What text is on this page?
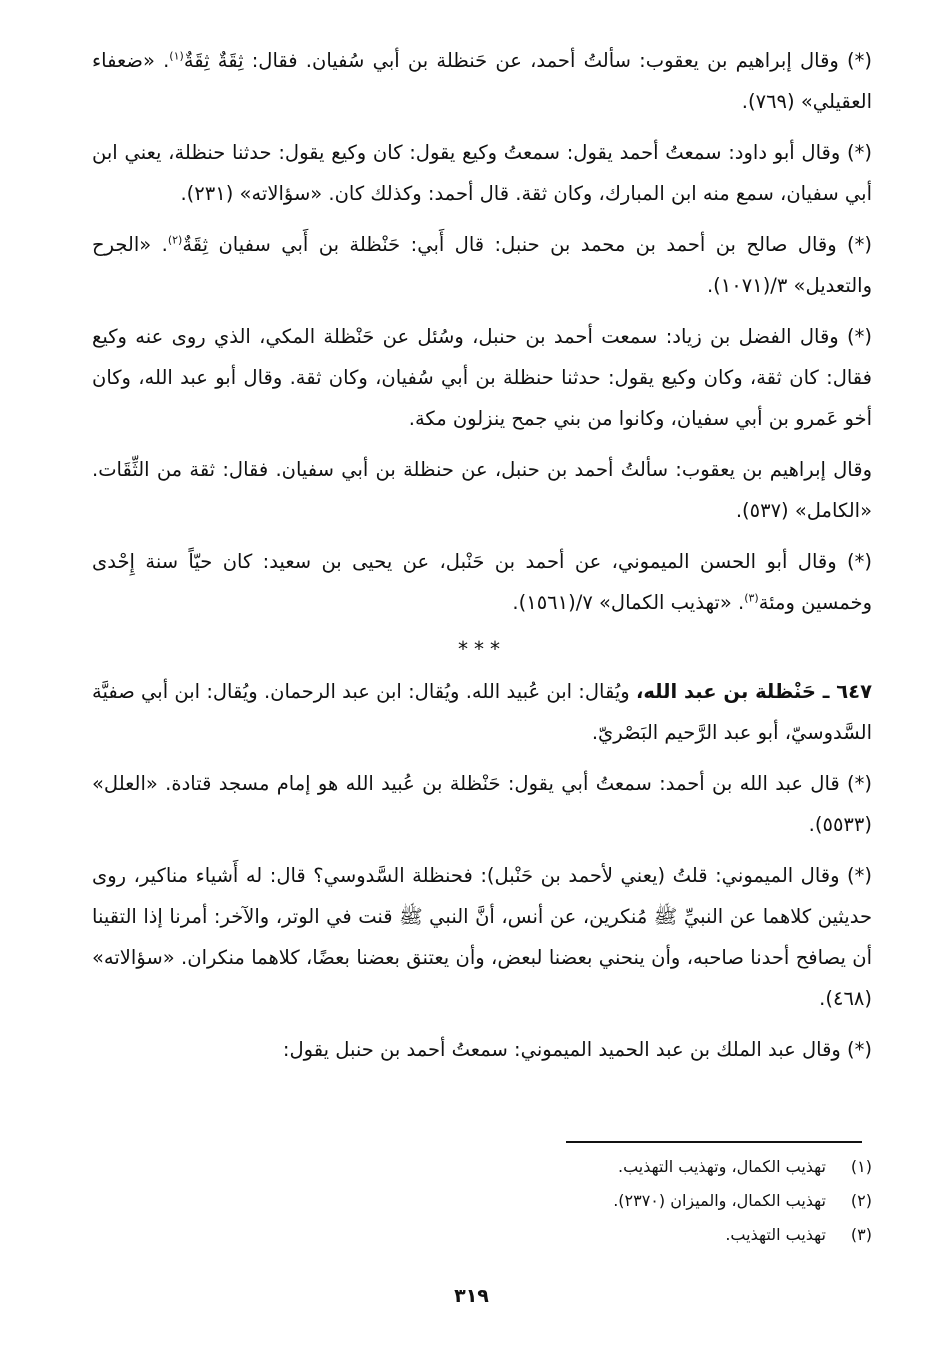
(*) وقال إبراهيم بن يعقوب: سألتُ أحمد، عن حَنظلة بن أبي سُفيان. فقال: ثِقَةٌ ثِقَةٌ$^{(١)}$. «ضعفاء العقيلي» (٧٦٩).

(*) وقال أبو داود: سمعتُ أحمد يقول: سمعتُ وكيع يقول: كان وكيع يقول: حدثنا حنظلة، يعني ابن أبي سفيان، سمع منه ابن المبارك، وكان ثقة. قال أحمد: وكذلك كان. «سؤالاته» (٢٣١).

(*) وقال صالح بن أحمد بن محمد بن حنبل: قال أَبي: حَنْظلة بن أَبي سفيان ثِقَةٌ$^{(٢)}$. «الجرح والتعديل» ٣/(١٠٧١).

(*) وقال الفضل بن زياد: سمعت أحمد بن حنبل، وسُئل عن حَنْظلة المكي، الذي روى عنه وكيع فقال: كان ثقة، وكان وكيع يقول: حدثنا حنظلة بن أبي سُفيان، وكان ثقة. وقال أبو عبد الله، وكان أخو عَمرو بن أبي سفيان، وكانوا من بني جمح ينزلون مكة.

وقال إبراهيم بن يعقوب: سألتُ أحمد بن حنبل، عن حنظلة بن أبي سفيان. فقال: ثقة من الثِّقَات. «الكامل» (٥٣٧).

(*) وقال أبو الحسن الميموني، عن أحمد بن حَنْبل، عن يحيى بن سعيد: كان حيّاً سنة إِحْدى وخمسين ومئة$^{(٣)}$. «تهذيب الكمال» ٧/(١٥٦١).

***

٦٤٧ ـ حَنْظلة بن عبد الله، ويُقال: ابن عُبيد الله. ويُقال: ابن عبد الرحمان. ويُقال: ابن أبي صفيَّة السَّدوسيّ، أبو عبد الرَّحيم البَصْريّ.

(*) قال عبد الله بن أحمد: سمعتُ أبي يقول: حَنْظلة بن عُبيد الله هو إمام مسجد قتادة. «العلل» (٥٥٣٣).

(*) وقال الميموني: قلتُ (يعني لأحمد بن حَنْبل): فحنظلة السَّدوسي؟ قال: له أَشياء مناكير، روى حديثين كلاهما عن النبيِّ ﷺ مُنكرين، عن أنس، أنَّ النبي ﷺ قنت في الوتر، والآخر: أمرنا إذا التقينا أن يصافح أحدنا صاحبه، وأن ينحني بعضنا لبعض، وأن يعتنق بعضنا بعضًا، كلاهما منكران. «سؤالاته» (٤٦٨).

(*) وقال عبد الملك بن عبد الحميد الميموني: سمعتُ أحمد بن حنبل يقول:

(١)تهذيب الكمال، وتهذيب التهذيب.

(٢)تهذيب الكمال، والميزان (٢٣٧٠).

(٣)تهذيب التهذيب.

٣١٩
